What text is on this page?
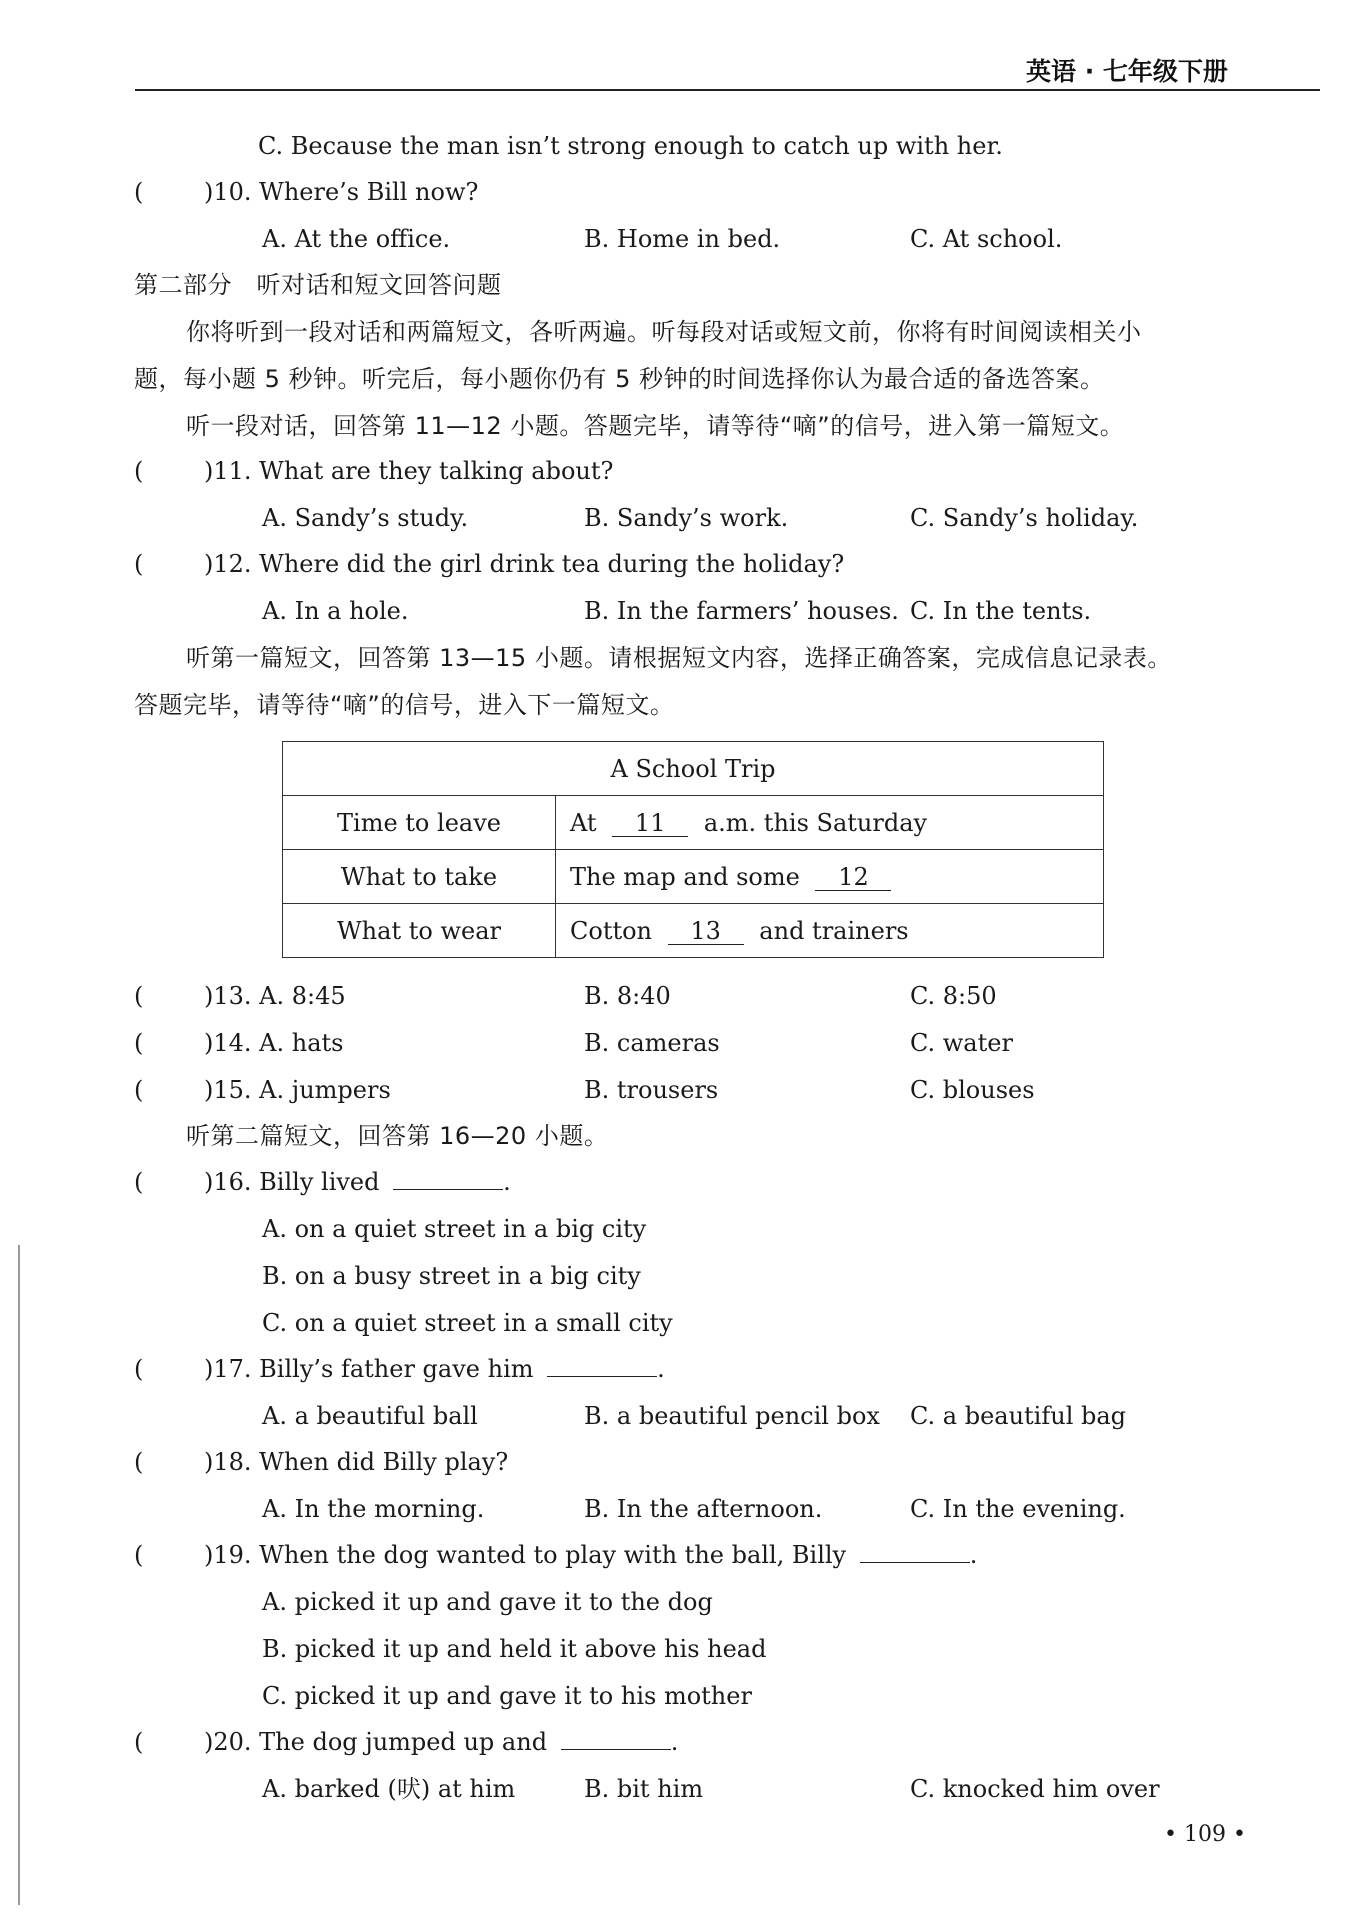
英语 · 七年级下册
C. Because the man isn’t strong enough to catch up with her.
(	)10. Where’s Bill now?
A. At the office.	B. Home in bed.	C. At school.
第二部分　听对话和短文回答问题
你将听到一段对话和两篇短文，各听两遍。听每段对话或短文前，你将有时间阅读相关小
题，每小题 5 秒钟。听完后，每小题你仍有 5 秒钟的时间选择你认为最合适的备选答案。
听一段对话，回答第 11—12 小题。答题完毕，请等待“嘀”的信号，进入第一篇短文。
(	)11. What are they talking about?
A. Sandy’s study.	B. Sandy’s work.	C. Sandy’s holiday.
(	)12. Where did the girl drink tea during the holiday?
A. In a hole.	B. In the farmers’ houses. C. In the tents.
听第一篇短文，回答第 13—15 小题。请根据短文内容，选择正确答案，完成信息记录表。
答题完毕，请等待“嘀”的信号，进入下一篇短文。
A School Trip	
Time to leave	At 11 a.m. this Saturday
What to take	The map and some 12
What to wear	Cotton 13 and trainers
(	)13. A. 8:45	B. 8:40	C. 8:50
(	)14. A. hats	B. cameras	C. water
(	)15. A. jumpers	B. trousers	C. blouses
听第二篇短文，回答第 16—20 小题。
(	)16. Billy lived	.
A. on a quiet street in a big city
B. on a busy street in a big city
C. on a quiet street in a small city
(	)17. Billy’s father gave him	.
A. a beautiful ball	B. a beautiful pencil box C. a beautiful bag
(	)18. When did Billy play?
A. In the morning.	B. In the afternoon.	C. In the evening.
(	)19. When the dog wanted to play with the ball, Billy	.
A. picked it up and gave it to the dog
B. picked it up and held it above his head
C. picked it up and gave it to his mother
(	)20. The dog jumped up and	.
A. barked (吠) at him	B. bit him	C. knocked him over
• 109 •
